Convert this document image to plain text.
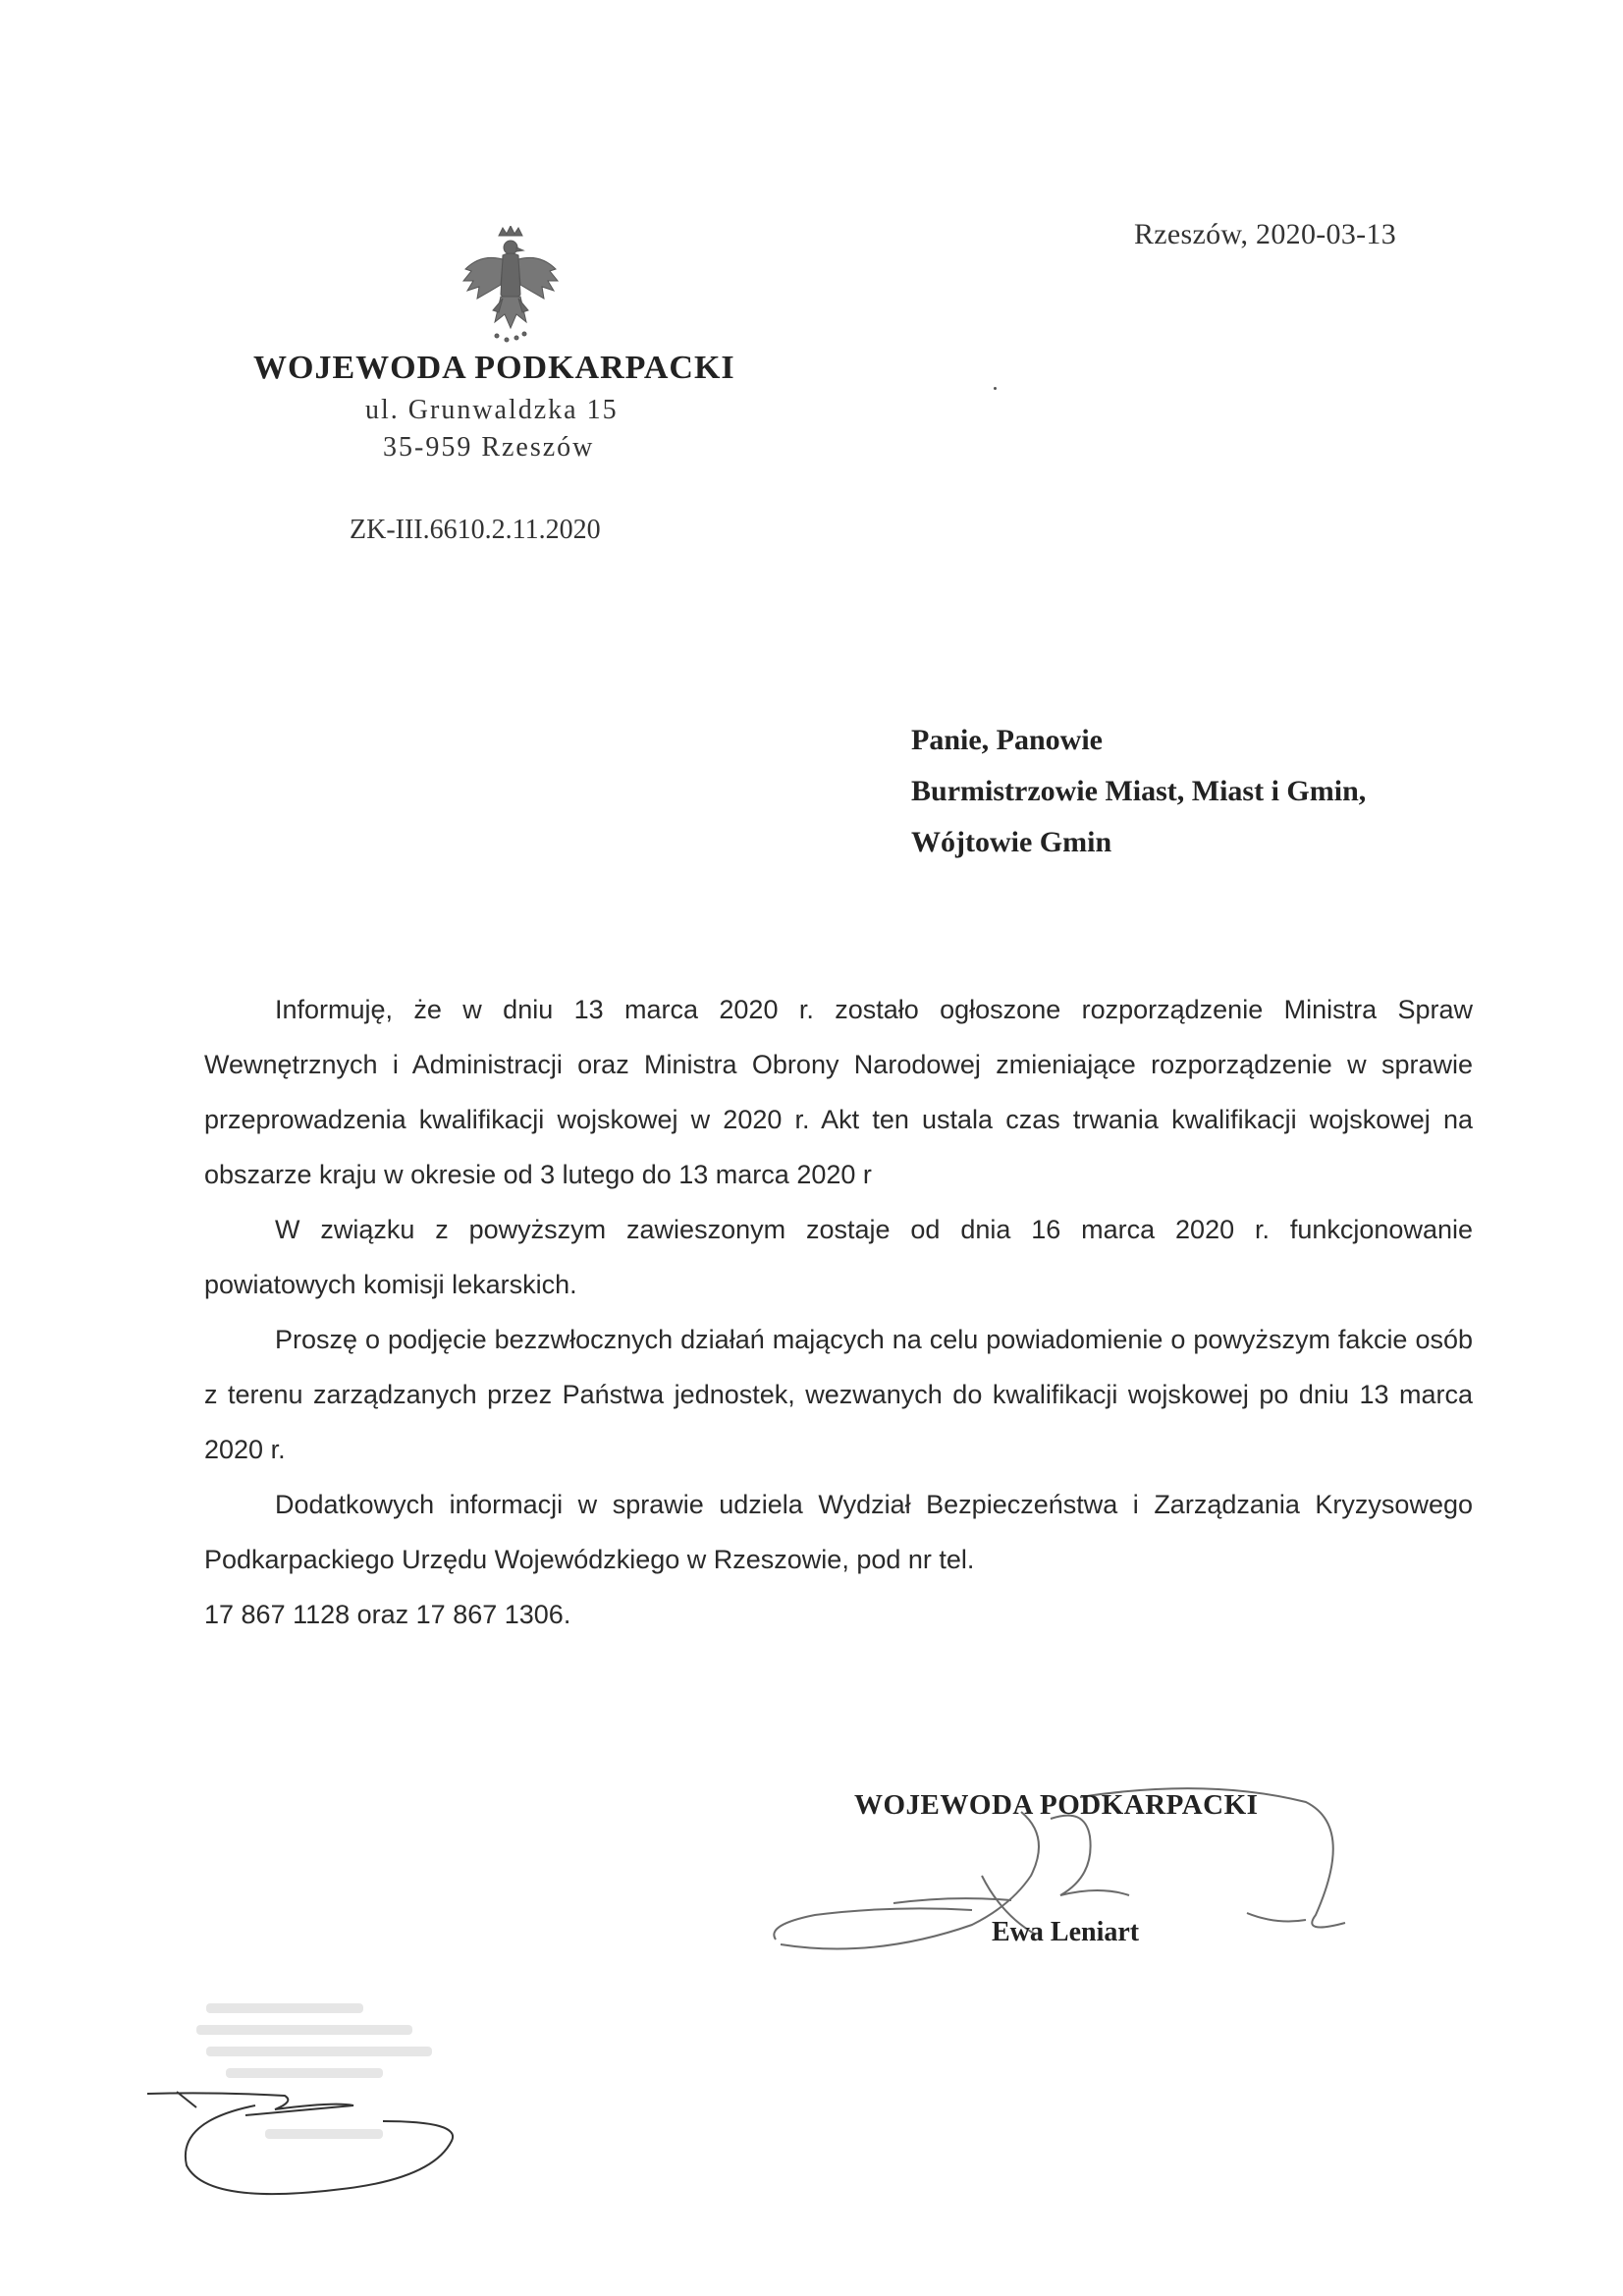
Rzeszów, 2020-03-13
WOJEWODA PODKARPACKI
ul. Grunwaldzka 15
35-959 Rzeszów
ZK-III.6610.2.11.2020
Panie, Panowie
Burmistrzowie Miast, Miast i Gmin,
Wójtowie Gmin

Informuję, że w dniu 13 marca 2020 r. zostało ogłoszone rozporządzenie Ministra Spraw Wewnętrznych i Administracji oraz Ministra Obrony Narodowej zmieniające rozporządzenie w sprawie przeprowadzenia kwalifikacji wojskowej w 2020 r. Akt ten ustala czas trwania kwalifikacji wojskowej na obszarze kraju w okresie od 3 lutego do 13 marca 2020 r

W związku z powyższym zawieszonym zostaje od dnia 16 marca 2020 r. funkcjonowanie powiatowych komisji lekarskich.

Proszę o podjęcie bezzwłocznych działań mających na celu powiadomienie o powyższym fakcie osób z terenu zarządzanych przez Państwa jednostek, wezwanych do kwalifikacji wojskowej po dniu 13 marca 2020 r.

Dodatkowych informacji w sprawie udziela Wydział Bezpieczeństwa i Zarządzania Kryzysowego Podkarpackiego Urzędu Wojewódzkiego w Rzeszowie, pod nr tel.

17 867 1128 oraz 17 867 1306.

WOJEWODA PODKARPACKI
Ewa Leniart
